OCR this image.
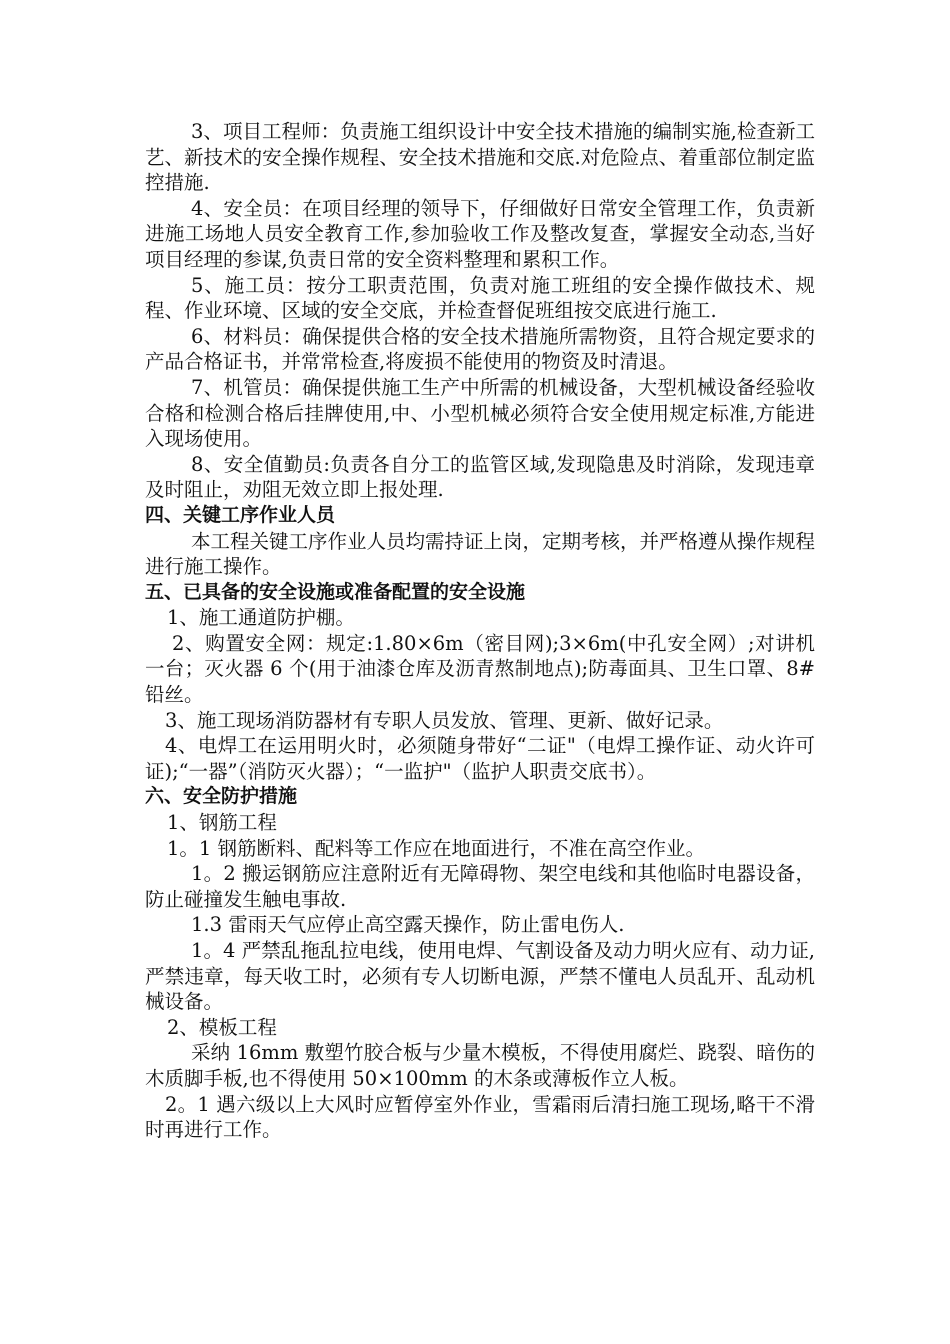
3、项目工程师：负责施工组织设计中安全技术措施的编制实施,检查新工艺、新技术的安全操作规程、安全技术措施和交底.对危险点、着重部位制定监控措施.

4、安全员：在项目经理的领导下，仔细做好日常安全管理工作，负责新进施工场地人员安全教育工作,参加验收工作及整改复查，掌握安全动态,当好项目经理的参谋,负责日常的安全资料整理和累积工作。

5、施工员：按分工职责范围，负责对施工班组的安全操作做技术、规程、作业环境、区域的安全交底，并检查督促班组按交底进行施工.

6、材料员：确保提供合格的安全技术措施所需物资，且符合规定要求的产品合格证书，并常常检查,将废损不能使用的物资及时清退。

7、机管员：确保提供施工生产中所需的机械设备，大型机械设备经验收合格和检测合格后挂牌使用,中、小型机械必须符合安全使用规定标准,方能进入现场使用。

8、安全值勤员:负责各自分工的监管区域,发现隐患及时消除，发现违章及时阻止，劝阻无效立即上报处理.

四、关键工序作业人员

本工程关键工序作业人员均需持证上岗，定期考核，并严格遵从操作规程进行施工操作。

五、已具备的安全设施或准备配置的安全设施

1、施工通道防护棚。

2、购置安全网：规定:1.80×6m（密目网);3×6m(中孔安全网）;对讲机一台；灭火器 6 个(用于油漆仓库及沥青熬制地点);防毒面具、卫生口罩、8#铅丝。

3、施工现场消防器材有专职人员发放、管理、更新、做好记录。

4、电焊工在运用明火时，必须随身带好“二证"（电焊工操作证、动火许可证);“一器”（消防灭火器）；“一监护"（监护人职责交底书）。

六、安全防护措施

1、钢筋工程

1。1 钢筋断料、配料等工作应在地面进行，不准在高空作业。

1。2 搬运钢筋应注意附近有无障碍物、架空电线和其他临时电器设备，防止碰撞发生触电事故.

1.3 雷雨天气应停止高空露天操作，防止雷电伤人.

1。4 严禁乱拖乱拉电线，使用电焊、气割设备及动力明火应有、动力证,严禁违章，每天收工时，必须有专人切断电源，严禁不懂电人员乱开、乱动机械设备。

2、模板工程

采纳 16mm 敷塑竹胶合板与少量木模板，不得使用腐烂、跷裂、暗伤的木质脚手板,也不得使用 50×100mm 的木条或薄板作立人板。

2。1 遇六级以上大风时应暂停室外作业，雪霜雨后清扫施工现场,略干不滑时再进行工作。
